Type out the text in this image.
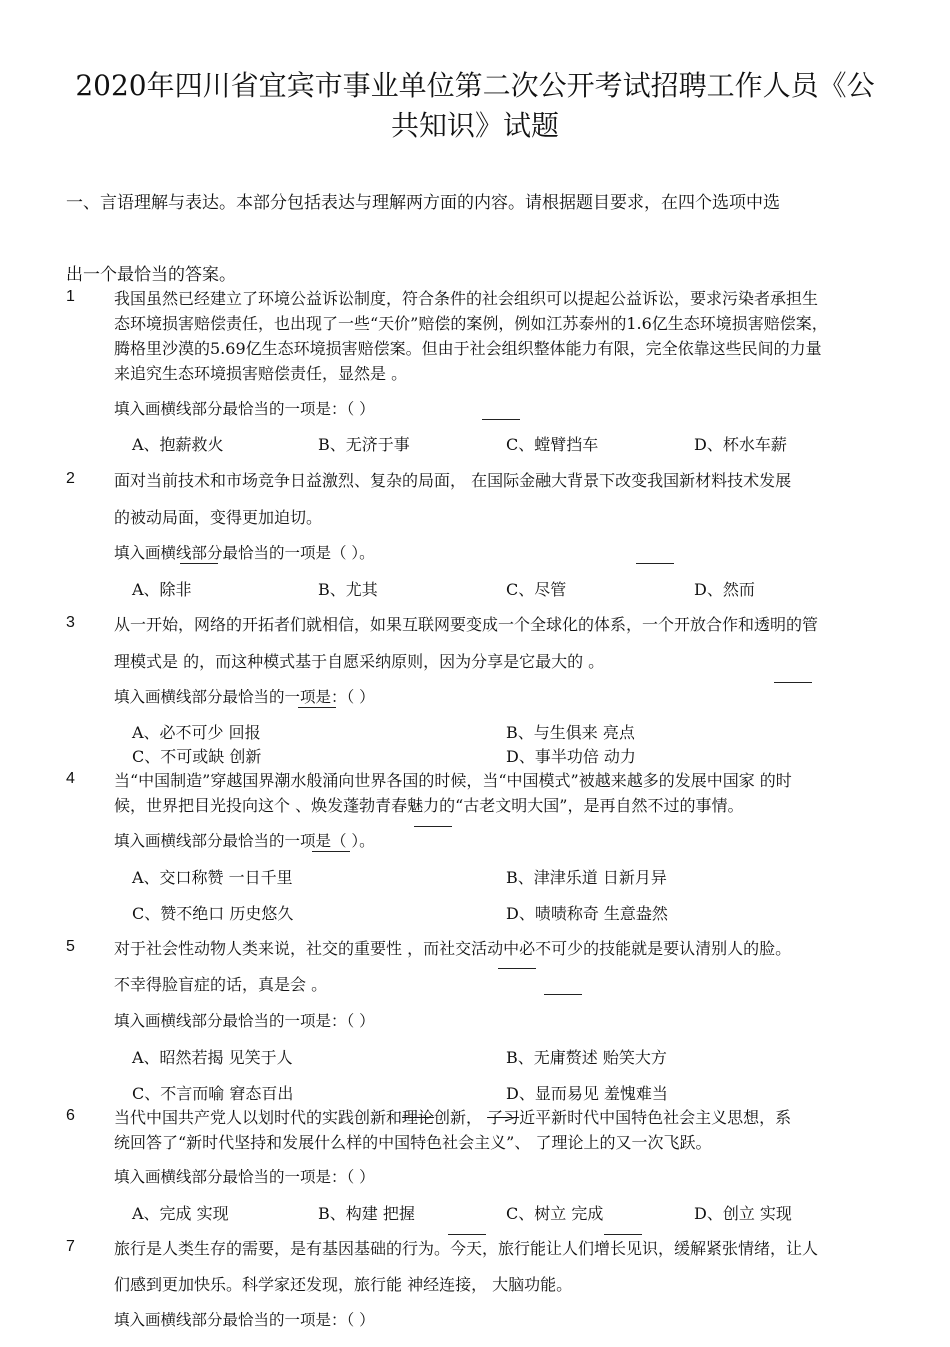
2020年四川省宜宾市事业单位第二次公开考试招聘工作人员《公
共知识》试题
一、言语理解与表达。本部分包括表达与理解两方面的内容。请根据题目要求，在四个选项中选
出一个最恰当的答案。
1 我国虽然已经建立了环境公益诉讼制度，符合条件的社会组织可以提起公益诉讼，要求污染者承担生
态环境损害赔偿责任，也出现了一些“天价”赔偿的案例，例如江苏泰州的1.6亿生态环境损害赔偿案，
腾格里沙漠的5.69亿生态环境损害赔偿案。但由于社会组织整体能力有限，完全依靠这些民间的力量
来追究生态环境损害赔偿责任，显然是 。
填入画横线部分最恰当的一项是：（ ）
A、抱薪救火	B、无济于事	C、螳臂挡车	D、杯水车薪
2 面对当前技术和市场竞争日益激烈、复杂的局面， 在国际金融大背景下改变我国新材料技术发展
的被动局面，变得更加迫切。
填入画横线部分最恰当的一项是（ ）。
A、除非	B、尤其	C、尽管	D、然而
3 从一开始，网络的开拓者们就相信，如果互联网要变成一个全球化的体系，一个开放合作和透明的管
理模式是 的，而这种模式基于自愿采纳原则，因为分享是它最大的 。
填入画横线部分最恰当的一项是：（ ）
A、必不可少 回报	B、与生俱来 亮点
C、不可或缺 创新	D、事半功倍 动力
4 当“中国制造”穿越国界潮水般涌向世界各国的时候，当“中国模式”被越来越多的发展中国家 的时
候，世界把目光投向这个 、焕发蓬勃青春魅力的“古老文明大国”，是再自然不过的事情。
填入画横线部分最恰当的一项是（ ）。
A、交口称赞 一日千里	B、津津乐道 日新月异
C、赞不绝口 历史悠久	D、啧啧称奇 生意盎然
5 对于社会性动物人类来说，社交的重要性 ，而社交活动中必不可少的技能就是要认清别人的脸。
不幸得脸盲症的话，真是会 。
填入画横线部分最恰当的一项是：（ ）
A、昭然若揭 见笑于人	B、无庸赘述 贻笑大方
C、不言而喻 窘态百出	D、显而易见 羞愧难当
6 当代中国共产党人以划时代的实践创新和理论创新， 了习近平新时代中国特色社会主义思想，系
统回答了“新时代坚持和发展什么样的中国特色社会主义”、 了理论上的又一次飞跃。
填入画横线部分最恰当的一项是：（ ）
A、完成 实现	B、构建 把握	C、树立 完成	D、创立 实现
7 旅行是人类生存的需要，是有基因基础的行为。今天，旅行能让人们增长见识，缓解紧张情绪，让人
们感到更加快乐。科学家还发现，旅行能 神经连接， 大脑功能。
填入画横线部分最恰当的一项是：（ ）
